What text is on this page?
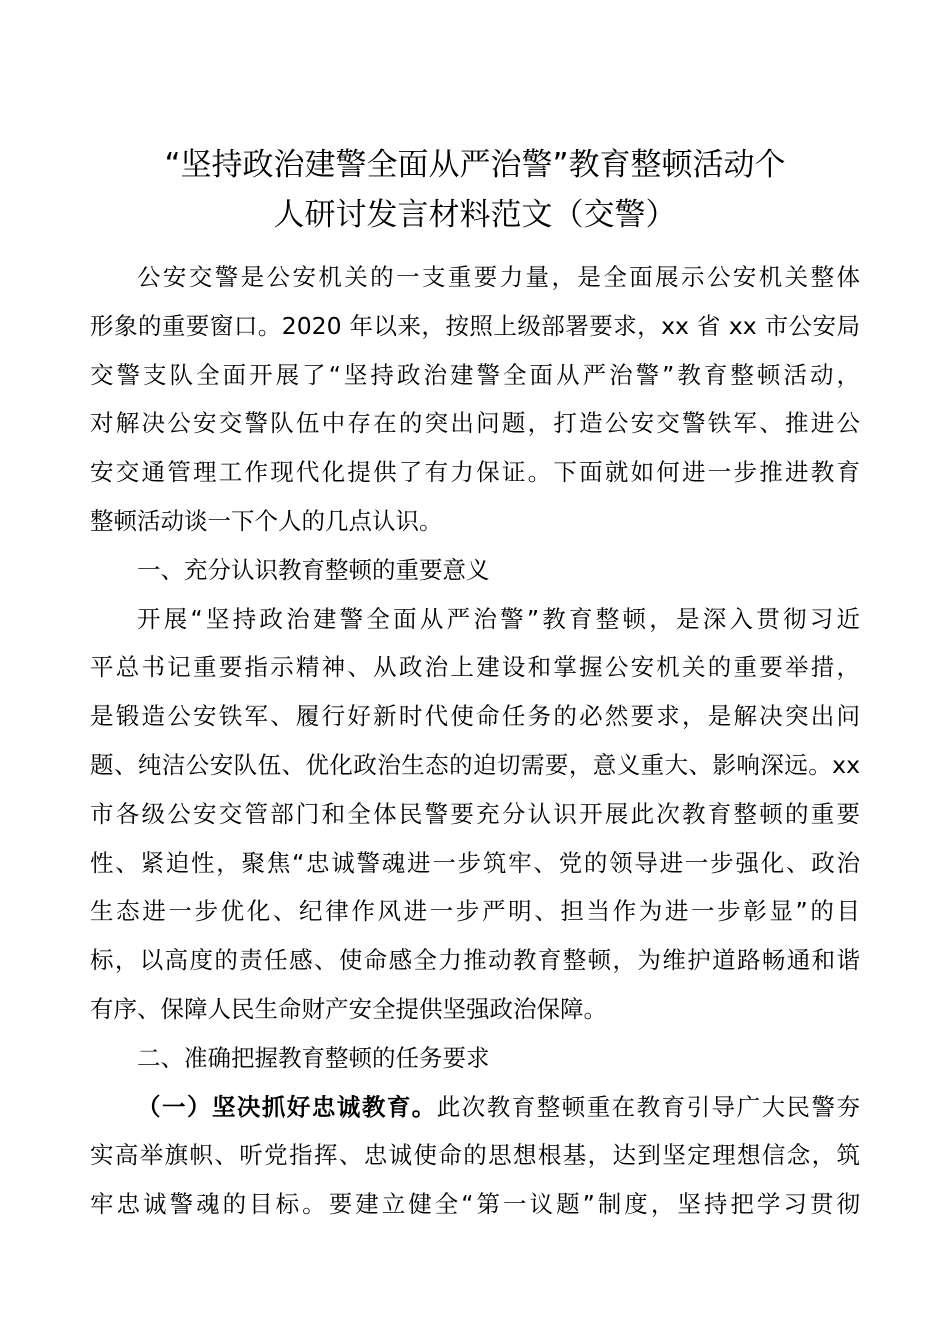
“坚持政治建警全面从严治警”教育整顿活动个
人研讨发言材料范文（交警）
公安交警是公安机关的一支重要力量，是全面展示公安机关整体
形象的重要窗口。2020 年以来，按照上级部署要求，xx 省 xx 市公安局
交警支队全面开展了“坚持政治建警全面从严治警”教育整顿活动，
对解决公安交警队伍中存在的突出问题，打造公安交警铁军、推进公
安交通管理工作现代化提供了有力保证。下面就如何进一步推进教育
整顿活动谈一下个人的几点认识。
一、充分认识教育整顿的重要意义
开展“坚持政治建警全面从严治警”教育整顿，是深入贯彻习近
平总书记重要指示精神、从政治上建设和掌握公安机关的重要举措，
是锻造公安铁军、履行好新时代使命任务的必然要求，是解决突出问
题、纯洁公安队伍、优化政治生态的迫切需要，意义重大、影响深远。xx
市各级公安交管部门和全体民警要充分认识开展此次教育整顿的重要
性、紧迫性，聚焦“忠诚警魂进一步筑牢、党的领导进一步强化、政治
生态进一步优化、纪律作风进一步严明、担当作为进一步彰显”的目
标，以高度的责任感、使命感全力推动教育整顿，为维护道路畅通和谐
有序、保障人民生命财产安全提供坚强政治保障。
二、准确把握教育整顿的任务要求
（一）坚决抓好忠诚教育。此次教育整顿重在教育引导广大民警夯
实高举旗帜、听党指挥、忠诚使命的思想根基，达到坚定理想信念，筑
牢忠诚警魂的目标。要建立健全“第一议题”制度，坚持把学习贯彻
